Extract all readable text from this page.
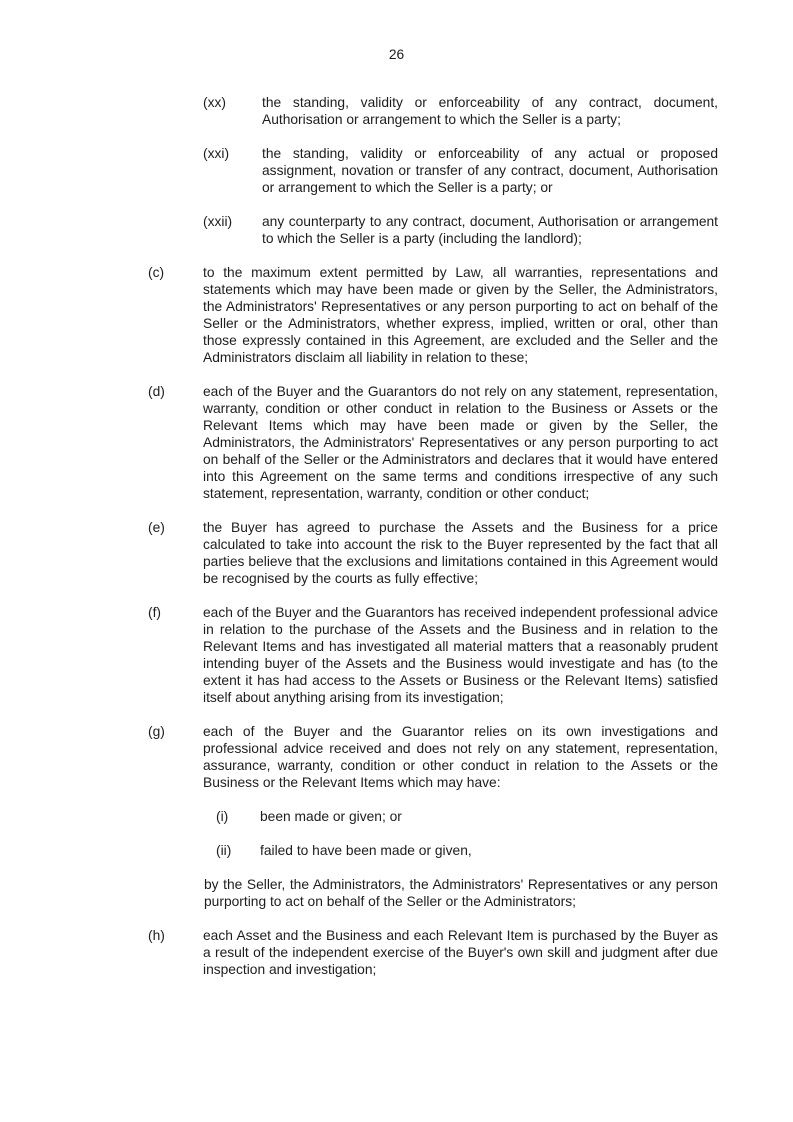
26
(xx)	the standing, validity or enforceability of any contract, document, Authorisation or arrangement to which the Seller is a party;
(xxi)	the standing, validity or enforceability of any actual or proposed assignment, novation or transfer of any contract, document, Authorisation or arrangement to which the Seller is a party; or
(xxii)	any counterparty to any contract, document, Authorisation or arrangement to which the Seller is a party (including the landlord);
(c)	to the maximum extent permitted by Law, all warranties, representations and statements which may have been made or given by the Seller, the Administrators, the Administrators' Representatives or any person purporting to act on behalf of the Seller or the Administrators, whether express, implied, written or oral, other than those expressly contained in this Agreement, are excluded and the Seller and the Administrators disclaim all liability in relation to these;
(d)	each of the Buyer and the Guarantors do not rely on any statement, representation, warranty, condition or other conduct in relation to the Business or Assets or the Relevant Items which may have been made or given by the Seller, the Administrators, the Administrators' Representatives or any person purporting to act on behalf of the Seller or the Administrators and declares that it would have entered into this Agreement on the same terms and conditions irrespective of any such statement, representation, warranty, condition or other conduct;
(e)	the Buyer has agreed to purchase the Assets and the Business for a price calculated to take into account the risk to the Buyer represented by the fact that all parties believe that the exclusions and limitations contained in this Agreement would be recognised by the courts as fully effective;
(f)	each of the Buyer and the Guarantors has received independent professional advice in relation to the purchase of the Assets and the Business and in relation to the Relevant Items and has investigated all material matters that a reasonably prudent intending buyer of the Assets and the Business would investigate and has (to the extent it has had access to the Assets or Business or the Relevant Items) satisfied itself about anything arising from its investigation;
(g)	each of the Buyer and the Guarantor relies on its own investigations and professional advice received and does not rely on any statement, representation, assurance, warranty, condition or other conduct in relation to the Assets or the Business or the Relevant Items which may have:
(i)	been made or given; or
(ii)	failed to have been made or given,
by the Seller, the Administrators, the Administrators' Representatives or any person purporting to act on behalf of the Seller or the Administrators;
(h)	each Asset and the Business and each Relevant Item is purchased by the Buyer as a result of the independent exercise of the Buyer's own skill and judgment after due inspection and investigation;
